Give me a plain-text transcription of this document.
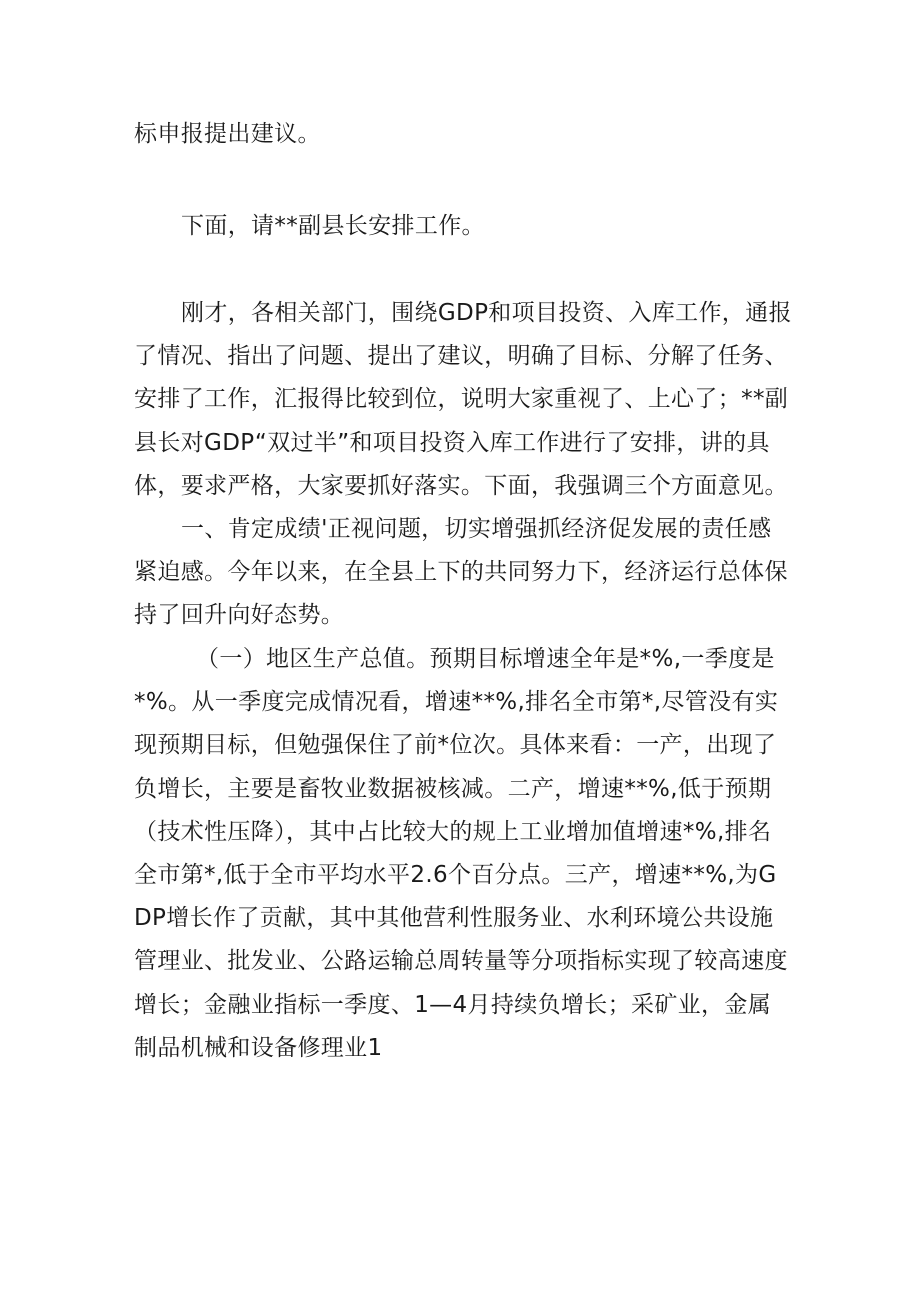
标申报提出建议。

下面，请**副县长安排工作。

刚才，各相关部门，围绕GDP和项目投资、入库工作，通报了情况、指出了问题、提出了建议，明确了目标、分解了任务、安排了工作，汇报得比较到位，说明大家重视了、上心了；**副县长对GDP“双过半”和项目投资入库工作进行了安排，讲的具体，要求严格，大家要抓好落实。下面，我强调三个方面意见。

一、肯定成绩'正视问题，切实增强抓经济促发展的责任感紧迫感。今年以来，在全县上下的共同努力下，经济运行总体保持了回升向好态势。

（一）地区生产总值。预期目标增速全年是*%,一季度是*%。从一季度完成情况看，增速**%,排名全市第*,尽管没有实现预期目标，但勉强保住了前*位次。具体来看：一产，出现了负增长，主要是畜牧业数据被核减。二产，增速**%,低于预期（技术性压降），其中占比较大的规上工业增加值增速*%,排名全市第*,低于全市平均水平2.6个百分点。三产，增速**%,为GDP增长作了贡献，其中其他营利性服务业、水利环境公共设施管理业、批发业、公路运输总周转量等分项指标实现了较高速度增长；金融业指标一季度、1—4月持续负增长；采矿业，金属制品机械和设备修理业1
